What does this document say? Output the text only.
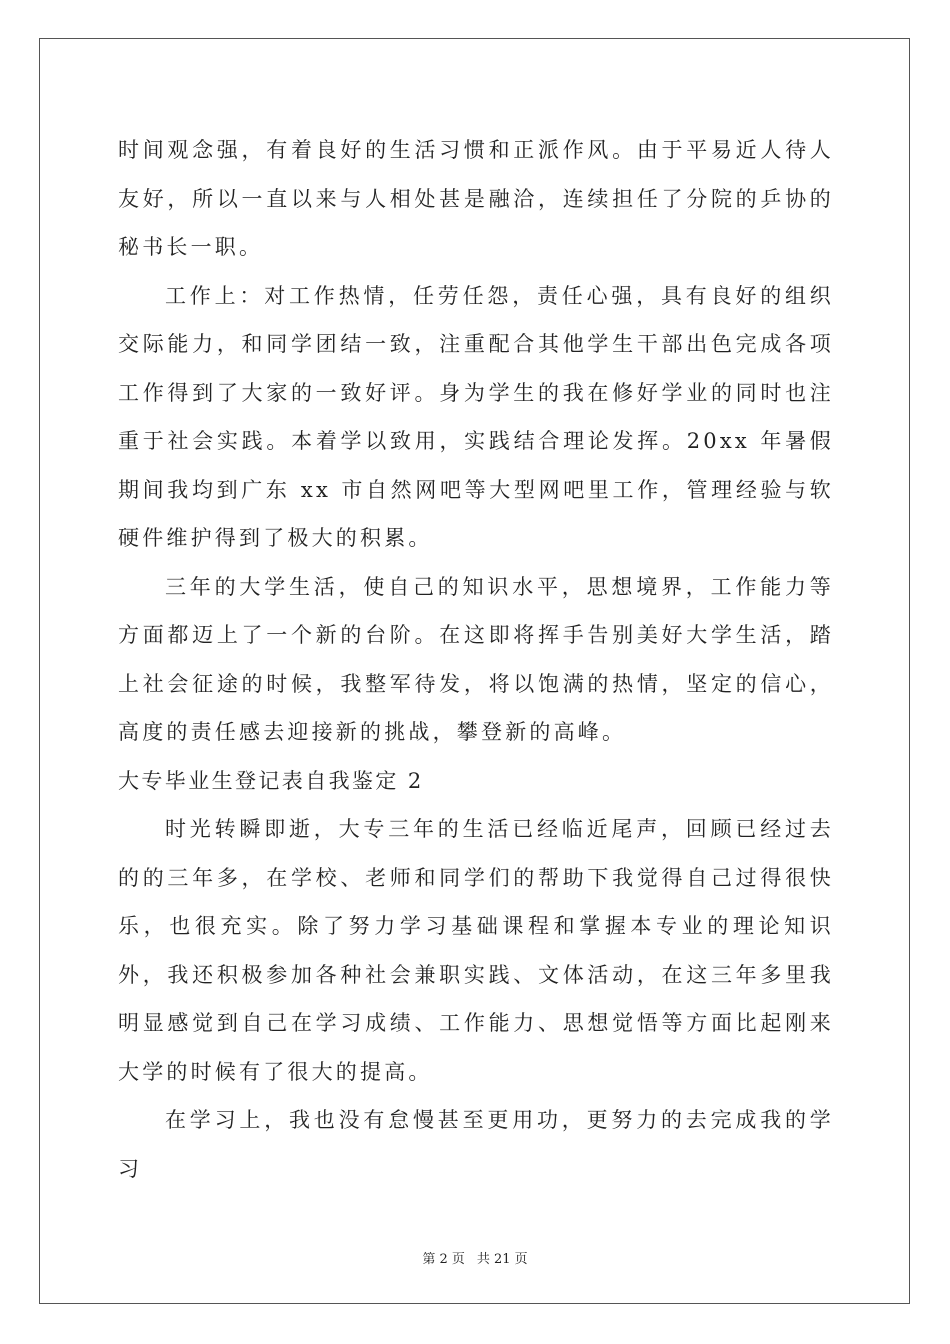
时间观念强，有着良好的生活习惯和正派作风。由于平易近人待人友好，所以一直以来与人相处甚是融洽，连续担任了分院的乒协的秘书长一职。

工作上：对工作热情，任劳任怨，责任心强，具有良好的组织交际能力，和同学团结一致，注重配合其他学生干部出色完成各项工作得到了大家的一致好评。身为学生的我在修好学业的同时也注重于社会实践。本着学以致用，实践结合理论发挥。20xx 年暑假期间我均到广东 xx 市自然网吧等大型网吧里工作，管理经验与软硬件维护得到了极大的积累。

三年的大学生活，使自己的知识水平，思想境界，工作能力等方面都迈上了一个新的台阶。在这即将挥手告别美好大学生活，踏上社会征途的时候，我整军待发，将以饱满的热情，坚定的信心，高度的责任感去迎接新的挑战，攀登新的高峰。

大专毕业生登记表自我鉴定 2

时光转瞬即逝，大专三年的生活已经临近尾声，回顾已经过去的的三年多，在学校、老师和同学们的帮助下我觉得自己过得很快乐，也很充实。除了努力学习基础课程和掌握本专业的理论知识外，我还积极参加各种社会兼职实践、文体活动，在这三年多里我明显感觉到自己在学习成绩、工作能力、思想觉悟等方面比起刚来大学的时候有了很大的提高。

在学习上，我也没有怠慢甚至更用功，更努力的去完成我的学习

第 2 页 共 21 页
